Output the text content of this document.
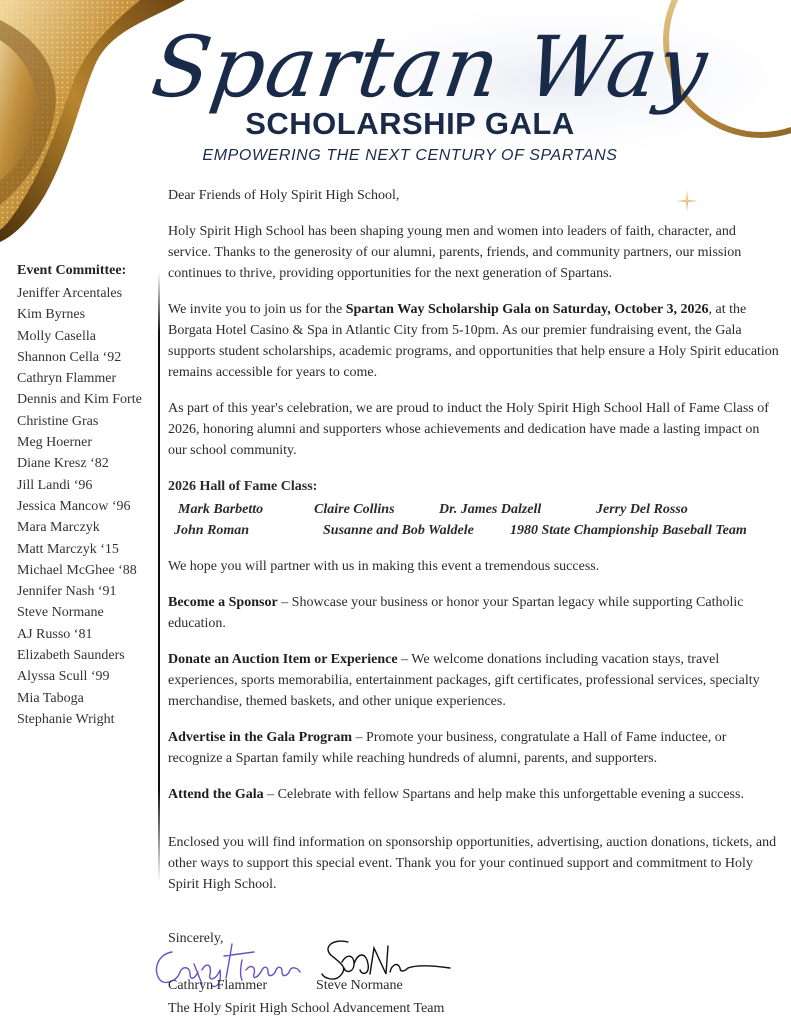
Spartan Way
SCHOLARSHIP GALA
EMPOWERING THE NEXT CENTURY OF SPARTANS
Event Committee:
Jeniffer Arcentales
Kim Byrnes
Molly Casella
Shannon Cella ‘92
Cathryn Flammer
Dennis and Kim Forte
Christine Gras
Meg Hoerner
Diane Kresz ‘82
Jill Landi ‘96
Jessica Mancow ‘96
Mara Marczyk
Matt Marczyk ‘15
Michael McGhee ‘88
Jennifer Nash ‘91
Steve Normane
AJ Russo ‘81
Elizabeth Saunders
Alyssa Scull ‘99
Mia Taboga
Stephanie Wright

Dear Friends of Holy Spirit High School,

Holy Spirit High School has been shaping young men and women into leaders of faith, character, and service. Thanks to the generosity of our alumni, parents, friends, and community partners, our mission continues to thrive, providing opportunities for the next generation of Spartans.

We invite you to join us for the Spartan Way Scholarship Gala on Saturday, October 3, 2026, at the Borgata Hotel Casino & Spa in Atlantic City from 5-10pm. As our premier fundraising event, the Gala supports student scholarships, academic programs, and opportunities that help ensure a Holy Spirit education remains accessible for years to come.

As part of this year's celebration, we are proud to induct the Holy Spirit High School Hall of Fame Class of 2026, honoring alumni and supporters whose achievements and dedication have made a lasting impact on our school community.

2026 Hall of Fame Class:
Mark Barbetto	Claire Collins	Dr. James Dalzell	Jerry Del Rosso
John Roman	Susanne and Bob Waldele	1980 State Championship Baseball Team

We hope you will partner with us in making this event a tremendous success.

Become a Sponsor – Showcase your business or honor your Spartan legacy while supporting Catholic education.

Donate an Auction Item or Experience – We welcome donations including vacation stays, travel experiences, sports memorabilia, entertainment packages, gift certificates, professional services, specialty merchandise, themed baskets, and other unique experiences.

Advertise in the Gala Program – Promote your business, congratulate a Hall of Fame inductee, or recognize a Spartan family while reaching hundreds of alumni, parents, and supporters.

Attend the Gala – Celebrate with fellow Spartans and help make this unforgettable evening a success.

Enclosed you will find information on sponsorship opportunities, advertising, auction donations, tickets, and other ways to support this special event. Thank you for your continued support and commitment to Holy Spirit High School.

Sincerely,
Cathryn Flammer	Steve Normane
The Holy Spirit High School Advancement Team
